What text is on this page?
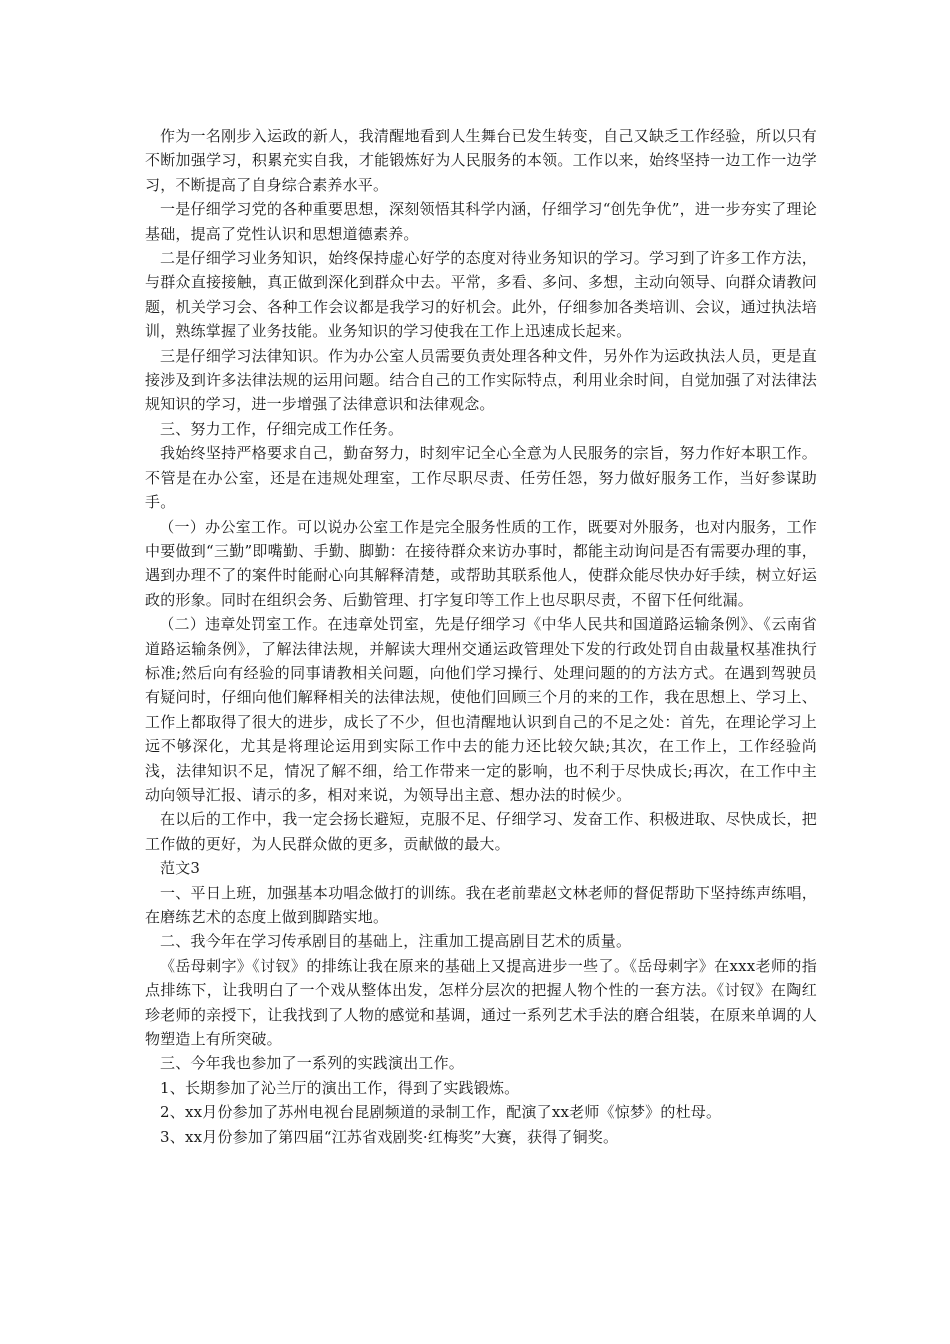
作为一名刚步入运政的新人，我清醒地看到人生舞台已发生转变，自己又缺乏工作经验，所以只有不断加强学习，积累充实自我，才能锻炼好为人民服务的本领。工作以来，始终坚持一边工作一边学习，不断提高了自身综合素养水平。

一是仔细学习党的各种重要思想，深刻领悟其科学内涵，仔细学习“创先争优”，进一步夯实了理论基础，提高了党性认识和思想道德素养。

二是仔细学习业务知识，始终保持虚心好学的态度对待业务知识的学习。学习到了许多工作方法，与群众直接接触，真正做到深化到群众中去。平常，多看、多问、多想，主动向领导、向群众请教问题，机关学习会、各种工作会议都是我学习的好机会。此外，仔细参加各类培训、会议，通过执法培训，熟练掌握了业务技能。业务知识的学习使我在工作上迅速成长起来。

三是仔细学习法律知识。作为办公室人员需要负责处理各种文件，另外作为运政执法人员，更是直接涉及到许多法律法规的运用问题。结合自己的工作实际特点，利用业余时间，自觉加强了对法律法规知识的学习，进一步增强了法律意识和法律观念。

三、努力工作，仔细完成工作任务。

我始终坚持严格要求自己，勤奋努力，时刻牢记全心全意为人民服务的宗旨，努力作好本职工作。不管是在办公室，还是在违规处理室，工作尽职尽责、任劳任怨，努力做好服务工作，当好参谋助手。

（一）办公室工作。可以说办公室工作是完全服务性质的工作，既要对外服务，也对内服务，工作中要做到“三勤”即嘴勤、手勤、脚勤：在接待群众来访办事时，都能主动询问是否有需要办理的事，遇到办理不了的案件时能耐心向其解释清楚，或帮助其联系他人，使群众能尽快办好手续，树立好运政的形象。同时在组织会务、后勤管理、打字复印等工作上也尽职尽责，不留下任何纰漏。

（二）违章处罚室工作。在违章处罚室，先是仔细学习《中华人民共和国道路运输条例》、《云南省道路运输条例》，了解法律法规，并解读大理州交通运政管理处下发的行政处罚自由裁量权基准执行标准;然后向有经验的同事请教相关问题，向他们学习操行、处理问题的的方法方式。在遇到驾驶员有疑问时，仔细向他们解释相关的法律法规，使他们回顾三个月的来的工作，我在思想上、学习上、工作上都取得了很大的进步，成长了不少，但也清醒地认识到自己的不足之处：首先，在理论学习上远不够深化，尤其是将理论运用到实际工作中去的能力还比较欠缺;其次，在工作上，工作经验尚浅，法律知识不足，情况了解不细，给工作带来一定的影响，也不利于尽快成长;再次，在工作中主动向领导汇报、请示的多，相对来说，为领导出主意、想办法的时候少。

在以后的工作中，我一定会扬长避短，克服不足、仔细学习、发奋工作、积极进取、尽快成长，把工作做的更好，为人民群众做的更多，贡献做的最大。

范文3

一、平日上班，加强基本功唱念做打的训练。我在老前辈赵文林老师的督促帮助下坚持练声练唱，在磨练艺术的态度上做到脚踏实地。

二、我今年在学习传承剧目的基础上，注重加工提高剧目艺术的质量。

《岳母刺字》《讨钗》的排练让我在原来的基础上又提高进步一些了。《岳母刺字》在xxx老师的指点排练下，让我明白了一个戏从整体出发，怎样分层次的把握人物个性的一套方法。《讨钗》在陶红珍老师的亲授下，让我找到了人物的感觉和基调，通过一系列艺术手法的磨合组装，在原来单调的人物塑造上有所突破。

三、今年我也参加了一系列的实践演出工作。

1、长期参加了沁兰厅的演出工作，得到了实践锻炼。

2、xx月份参加了苏州电视台昆剧频道的录制工作，配演了xx老师《惊梦》的杜母。

3、xx月份参加了第四届“江苏省戏剧奖·红梅奖”大赛，获得了铜奖。
